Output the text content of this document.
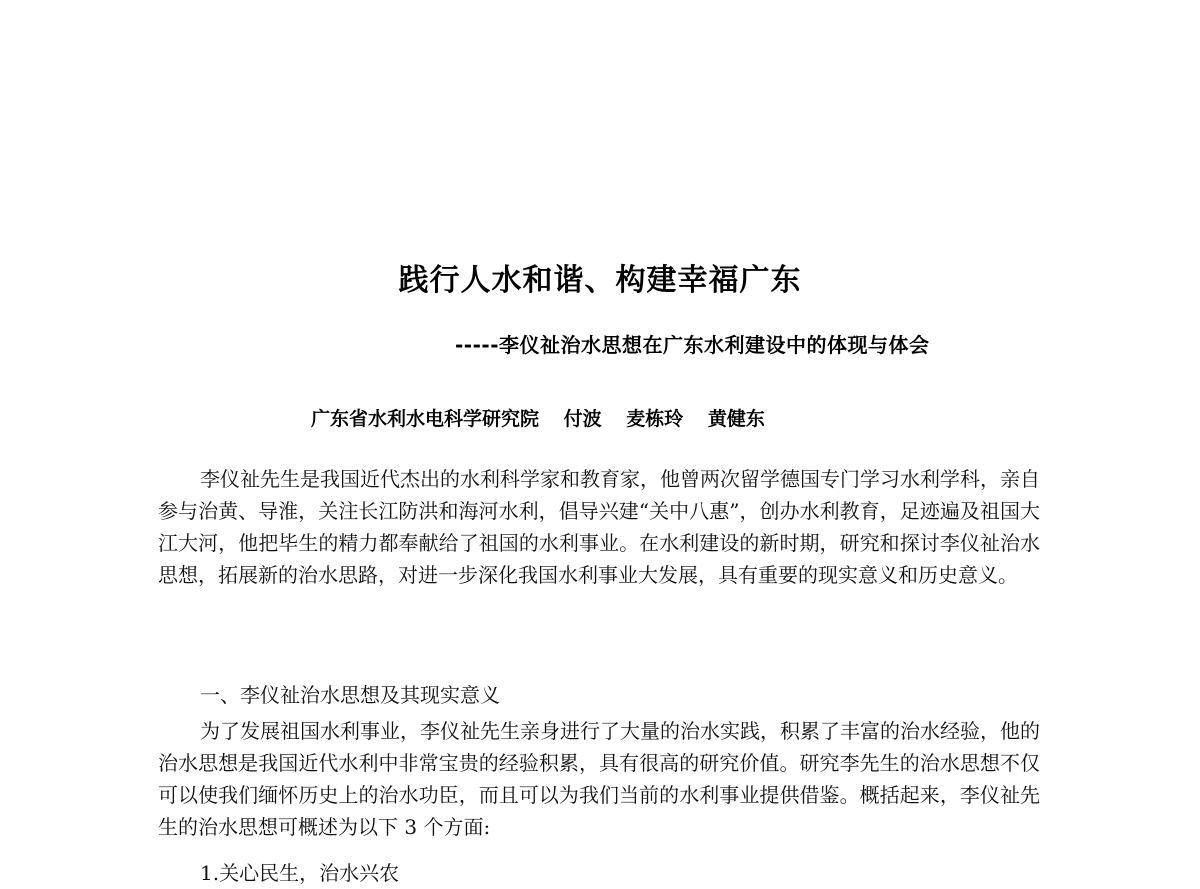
践行人水和谐、构建幸福广东
-----李仪祉治水思想在广东水利建设中的体现与体会
广东省水利水电科学研究院 付波 麦栋玲 黄健东

李仪祉先生是我国近代杰出的水利科学家和教育家，他曾两次留学德国专门学习水利学科，亲自参与治黄、导淮，关注长江防洪和海河水利，倡导兴建“关中八惠”，创办水利教育，足迹遍及祖国大江大河，他把毕生的精力都奉献给了祖国的水利事业。在水利建设的新时期，研究和探讨李仪祉治水思想，拓展新的治水思路，对进一步深化我国水利事业大发展，具有重要的现实意义和历史意义。

一、李仪祉治水思想及其现实意义

为了发展祖国水利事业，李仪祉先生亲身进行了大量的治水实践，积累了丰富的治水经验，他的治水思想是我国近代水利中非常宝贵的经验积累，具有很高的研究价值。研究李先生的治水思想不仅可以使我们缅怀历史上的治水功臣，而且可以为我们当前的水利事业提供借鉴。概括起来，李仪祉先生的治水思想可概述为以下 3 个方面:

1.关心民生，治水兴农
